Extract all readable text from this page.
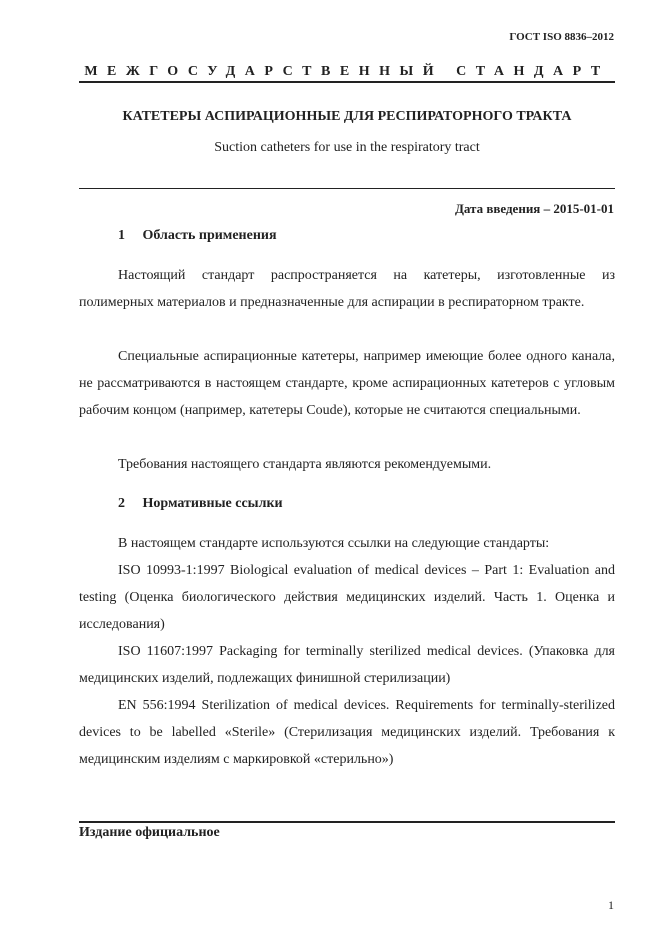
ГОСТ ISO 8836–2012
МЕЖГОСУДАРСТВЕННЫЙ СТАНДАРТ
КАТЕТЕРЫ АСПИРАЦИОННЫЕ ДЛЯ РЕСПИРАТОРНОГО ТРАКТА
Suction catheters for use in the respiratory tract
Дата введения – 2015-01-01
1 Область применения

Настоящий стандарт распространяется на катетеры, изготовленные из полимерных материалов и предназначенные для аспирации в респираторном тракте.

Специальные аспирационные катетеры, например имеющие более одного канала, не рассматриваются в настоящем стандарте, кроме аспирационных катетеров с угловым рабочим концом (например, катетеры Coude), которые не считаются специальными.

Требования настоящего стандарта являются рекомендуемыми.

2 Нормативные ссылки

В настоящем стандарте используются ссылки на следующие стандарты:

ISO 10993-1:1997 Biological evaluation of medical devices – Part 1: Evaluation and testing (Оценка биологического действия медицинских изделий. Часть 1. Оценка и исследования)

ISO 11607:1997 Packaging for terminally sterilized medical devices. (Упаковка для медицинских изделий, подлежащих финишной стерилизации)

EN 556:1994 Sterilization of medical devices. Requirements for terminally-sterilized devices to be labelled «Sterile» (Стерилизация медицинских изделий. Требования к медицинским изделиям с маркировкой «стерильно»)

Издание официальное
1
